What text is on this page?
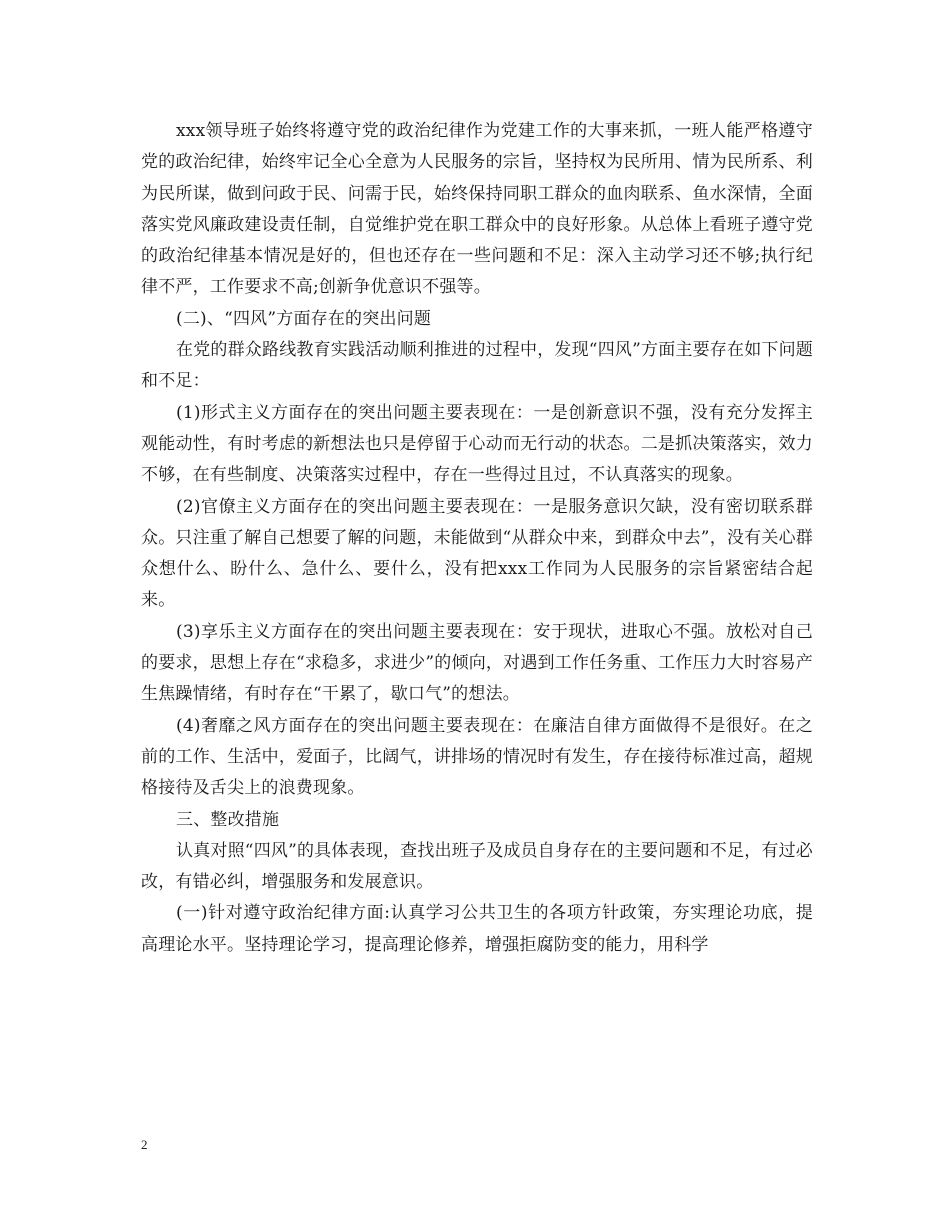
xxx领导班子始终将遵守党的政治纪律作为党建工作的大事来抓，一班人能严格遵守党的政治纪律，始终牢记全心全意为人民服务的宗旨，坚持权为民所用、情为民所系、利为民所谋，做到问政于民、问需于民，始终保持同职工群众的血肉联系、鱼水深情，全面落实党风廉政建设责任制，自觉维护党在职工群众中的良好形象。从总体上看班子遵守党的政治纪律基本情况是好的，但也还存在一些问题和不足：深入主动学习还不够;执行纪律不严，工作要求不高;创新争优意识不强等。

(二)、“四风”方面存在的突出问题

在党的群众路线教育实践活动顺利推进的过程中，发现“四风”方面主要存在如下问题和不足：

(1)形式主义方面存在的突出问题主要表现在：一是创新意识不强，没有充分发挥主观能动性，有时考虑的新想法也只是停留于心动而无行动的状态。二是抓决策落实，效力不够，在有些制度、决策落实过程中，存在一些得过且过，不认真落实的现象。

(2)官僚主义方面存在的突出问题主要表现在：一是服务意识欠缺，没有密切联系群众。只注重了解自己想要了解的问题，未能做到“从群众中来，到群众中去”，没有关心群众想什么、盼什么、急什么、要什么，没有把xxx工作同为人民服务的宗旨紧密结合起来。

(3)享乐主义方面存在的突出问题主要表现在：安于现状，进取心不强。放松对自己的要求，思想上存在“求稳多，求进少”的倾向，对遇到工作任务重、工作压力大时容易产生焦躁情绪，有时存在“干累了，歇口气”的想法。

(4)奢靡之风方面存在的突出问题主要表现在：在廉洁自律方面做得不是很好。在之前的工作、生活中，爱面子，比阔气，讲排场的情况时有发生，存在接待标准过高，超规格接待及舌尖上的浪费现象。

三、整改措施

认真对照“四风”的具体表现，查找出班子及成员自身存在的主要问题和不足，有过必改，有错必纠，增强服务和发展意识。

(一)针对遵守政治纪律方面:认真学习公共卫生的各项方针政策，夯实理论功底，提高理论水平。坚持理论学习，提高理论修养，增强拒腐防变的能力，用科学

2
